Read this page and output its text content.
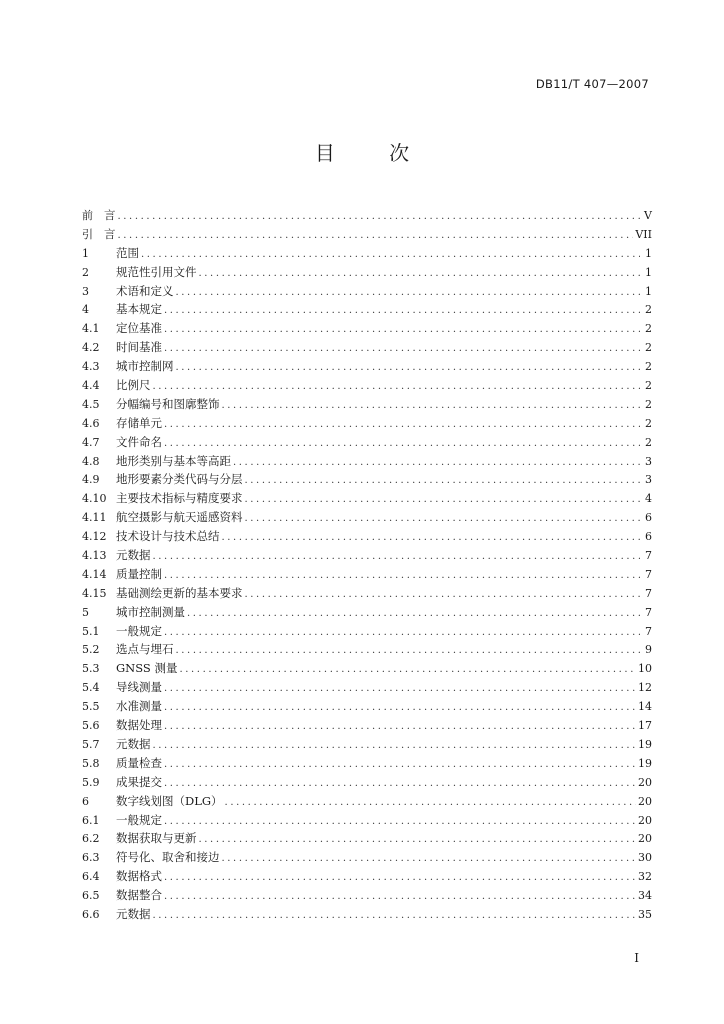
DB11/T 407—2007
目 次
前 言 .....	V
引 言 .....	VII
1	范围 .....	1
2	规范性引用文件 .....	1
3	术语和定义 .....	1
4	基本规定 .....	2
4.1	定位基准 .....	2
4.2	时间基准 .....	2
4.3	城市控制网 .....	2
4.4	比例尺 .....	2
4.5	分幅编号和图廓整饰 .....	2
4.6	存储单元 .....	2
4.7	文件命名 .....	2
4.8	地形类别与基本等高距 .....	3
4.9	地形要素分类代码与分层 .....	3
4.10 主要技术指标与精度要求 .....	4
4.11 航空摄影与航天遥感资料 .....	6
4.12 技术设计与技术总结 .....	6
4.13 元数据 .....	7
4.14 质量控制 .....	7
4.15 基础测绘更新的基本要求 .....	7
5	城市控制测量 .....	7
5.1	一般规定 .....	7
5.2	选点与埋石 .....	9
5.3	GNSS 测量 .....	10
5.4	导线测量 .....	12
5.5	水准测量 .....	14
5.6	数据处理 .....	17
5.7	元数据 .....	19
5.8	质量检查 .....	19
5.9	成果提交 .....	20
6	数字线划图（DLG） .....	20
6.1	一般规定 .....	20
6.2	数据获取与更新 .....	20
6.3	符号化、取舍和接边 .....	30
6.4	数据格式 .....	32
6.5	数据整合 .....	34
6.6	元数据 .....	35
I
